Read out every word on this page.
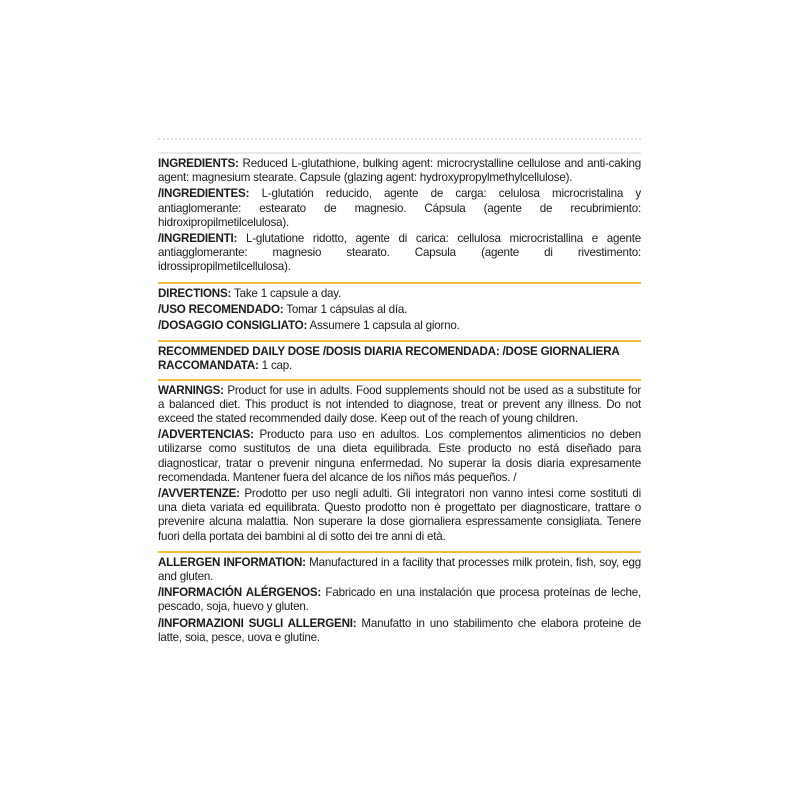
INGREDIENTS: Reduced L-glutathione, bulking agent: microcrystalline cellulose and anti-caking agent: magnesium stearate. Capsule (glazing agent: hydroxypropylmethylcellulose).

/INGREDIENTES: L-glutatión reducido, agente de carga: celulosa microcristalina y antiaglomerante: estearato de magnesio. Cápsula (agente de recubrimiento: hidroxipropilmetilcelulosa).

/INGREDIENTI: L-glutatione ridotto, agente di carica: cellulosa microcristallina e agente antiagglomerante: magnesio stearato. Capsula (agente di rivestimento: idrossipropilmetilcellulosa).

DIRECTIONS: Take 1 capsule a day.

/USO RECOMENDADO: Tomar 1 cápsulas al día.

/DOSAGGIO CONSIGLIATO: Assumere 1 capsula al giorno.

RECOMMENDED DAILY DOSE /DOSIS DIARIA RECOMENDADA: /DOSE GIORNALIERA RACCOMANDATA: 1 cap.

WARNINGS: Product for use in adults. Food supplements should not be used as a substitute for a balanced diet. This product is not intended to diagnose, treat or prevent any illness. Do not exceed the stated recommended daily dose. Keep out of the reach of young children.

/ADVERTENCIAS: Producto para uso en adultos. Los complementos alimenticios no deben utilizarse como sustitutos de una dieta equilibrada. Este producto no está diseñado para diagnosticar, tratar o prevenir ninguna enfermedad. No superar la dosis diaria expresamente recomendada. Mantener fuera del alcance de los niños más pequeños. /

/AVVERTENZE: Prodotto per uso negli adulti. Gli integratori non vanno intesi come sostituti di una dieta variata ed equilibrata. Questo prodotto non è progettato per diagnosticare, trattare o prevenire alcuna malattia. Non superare la dose giornaliera espressamente consigliata. Tenere fuori della portata dei bambini al di sotto dei tre anni di età.

ALLERGEN INFORMATION: Manufactured in a facility that processes milk protein, fish, soy, egg and gluten.

/INFORMACIÓN ALÉRGENOS: Fabricado en una instalación que procesa proteínas de leche, pescado, soja, huevo y gluten.

/INFORMAZIONI SUGLI ALLERGENI: Manufatto in uno stabilimento che elabora proteine de latte, soia, pesce, uova e glutine.
